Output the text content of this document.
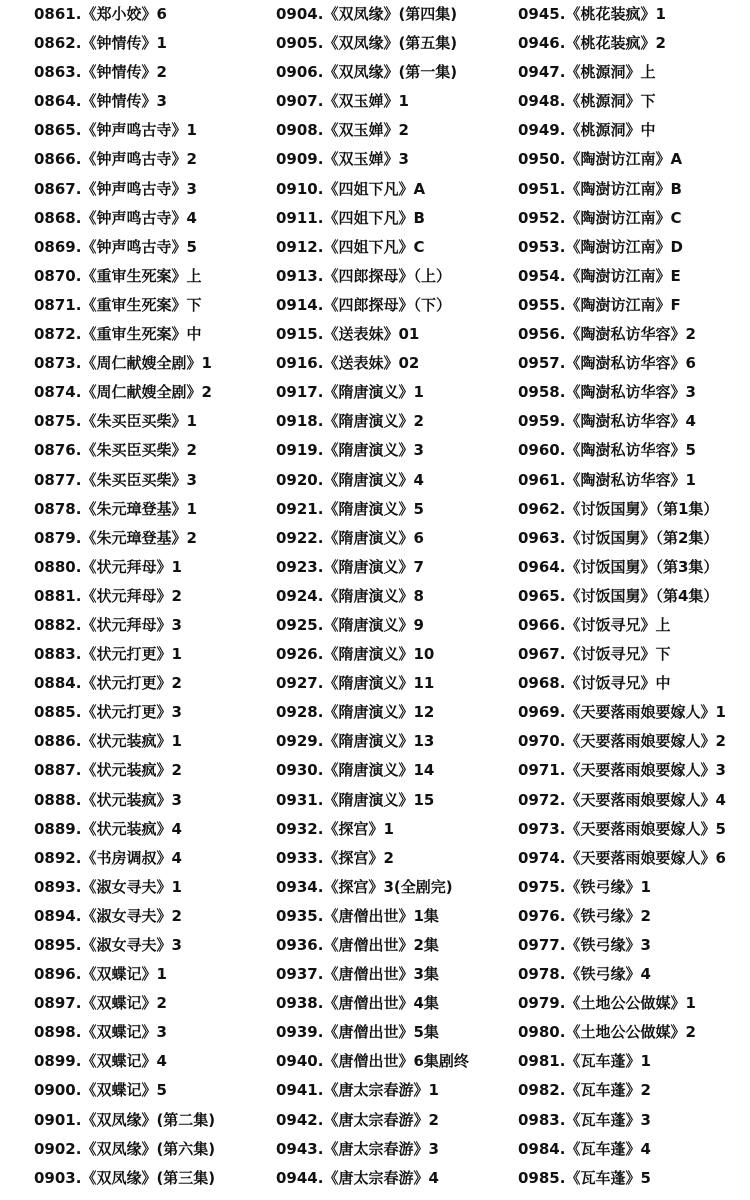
0861.《郑小姣》6
0862.《钟情传》1
0863.《钟情传》2
0864.《钟情传》3
0865.《钟声鸣古寺》1
0866.《钟声鸣古寺》2
0867.《钟声鸣古寺》3
0868.《钟声鸣古寺》4
0869.《钟声鸣古寺》5
0870.《重审生死案》上
0871.《重审生死案》下
0872.《重审生死案》中
0873.《周仁献嫂全剧》1
0874.《周仁献嫂全剧》2
0875.《朱买臣买柴》1
0876.《朱买臣买柴》2
0877.《朱买臣买柴》3
0878.《朱元璋登基》1
0879.《朱元璋登基》2
0880.《状元拜母》1
0881.《状元拜母》2
0882.《状元拜母》3
0883.《状元打更》1
0884.《状元打更》2
0885.《状元打更》3
0886.《状元装疯》1
0887.《状元装疯》2
0888.《状元装疯》3
0889.《状元装疯》4
0892.《书房调叔》4
0893.《淑女寻夫》1
0894.《淑女寻夫》2
0895.《淑女寻夫》3
0896.《双蝶记》1
0897.《双蝶记》2
0898.《双蝶记》3
0899.《双蝶记》4
0900.《双蝶记》5
0901.《双凤缘》(第二集)
0902.《双凤缘》(第六集)
0903.《双凤缘》(第三集)
0904.《双凤缘》(第四集)
0905.《双凤缘》(第五集)
0906.《双凤缘》(第一集)
0907.《双玉婵》1
0908.《双玉婵》2
0909.《双玉婵》3
0910.《四姐下凡》A
0911.《四姐下凡》B
0912.《四姐下凡》C
0913.《四郎探母》（上）
0914.《四郎探母》（下）
0915.《送表妹》01
0916.《送表妹》02
0917.《隋唐演义》1
0918.《隋唐演义》2
0919.《隋唐演义》3
0920.《隋唐演义》4
0921.《隋唐演义》5
0922.《隋唐演义》6
0923.《隋唐演义》7
0924.《隋唐演义》8
0925.《隋唐演义》9
0926.《隋唐演义》10
0927.《隋唐演义》11
0928.《隋唐演义》12
0929.《隋唐演义》13
0930.《隋唐演义》14
0931.《隋唐演义》15
0932.《探宫》1
0933.《探宫》2
0934.《探宫》3(全剧完)
0935.《唐僧出世》1集
0936.《唐僧出世》2集
0937.《唐僧出世》3集
0938.《唐僧出世》4集
0939.《唐僧出世》5集
0940.《唐僧出世》6集剧终
0941.《唐太宗春游》1
0942.《唐太宗春游》2
0943.《唐太宗春游》3
0944.《唐太宗春游》4
0945.《桃花装疯》1
0946.《桃花装疯》2
0947.《桃源洞》上
0948.《桃源洞》下
0949.《桃源洞》中
0950.《陶澍访江南》A
0951.《陶澍访江南》B
0952.《陶澍访江南》C
0953.《陶澍访江南》D
0954.《陶澍访江南》E
0955.《陶澍访江南》F
0956.《陶澍私访华容》2
0957.《陶澍私访华容》6
0958.《陶澍私访华容》3
0959.《陶澍私访华容》4
0960.《陶澍私访华容》5
0961.《陶澍私访华容》1
0962.《讨饭国舅》（第1集）
0963.《讨饭国舅》（第2集）
0964.《讨饭国舅》（第3集）
0965.《讨饭国舅》（第4集）
0966.《讨饭寻兄》上
0967.《讨饭寻兄》下
0968.《讨饭寻兄》中
0969.《天要落雨娘要嫁人》1
0970.《天要落雨娘要嫁人》2
0971.《天要落雨娘要嫁人》3
0972.《天要落雨娘要嫁人》4
0973.《天要落雨娘要嫁人》5
0974.《天要落雨娘要嫁人》6
0975.《铁弓缘》1
0976.《铁弓缘》2
0977.《铁弓缘》3
0978.《铁弓缘》4
0979.《土地公公做媒》1
0980.《土地公公做媒》2
0981.《瓦车蓬》1
0982.《瓦车蓬》2
0983.《瓦车蓬》3
0984.《瓦车蓬》4
0985.《瓦车蓬》5
